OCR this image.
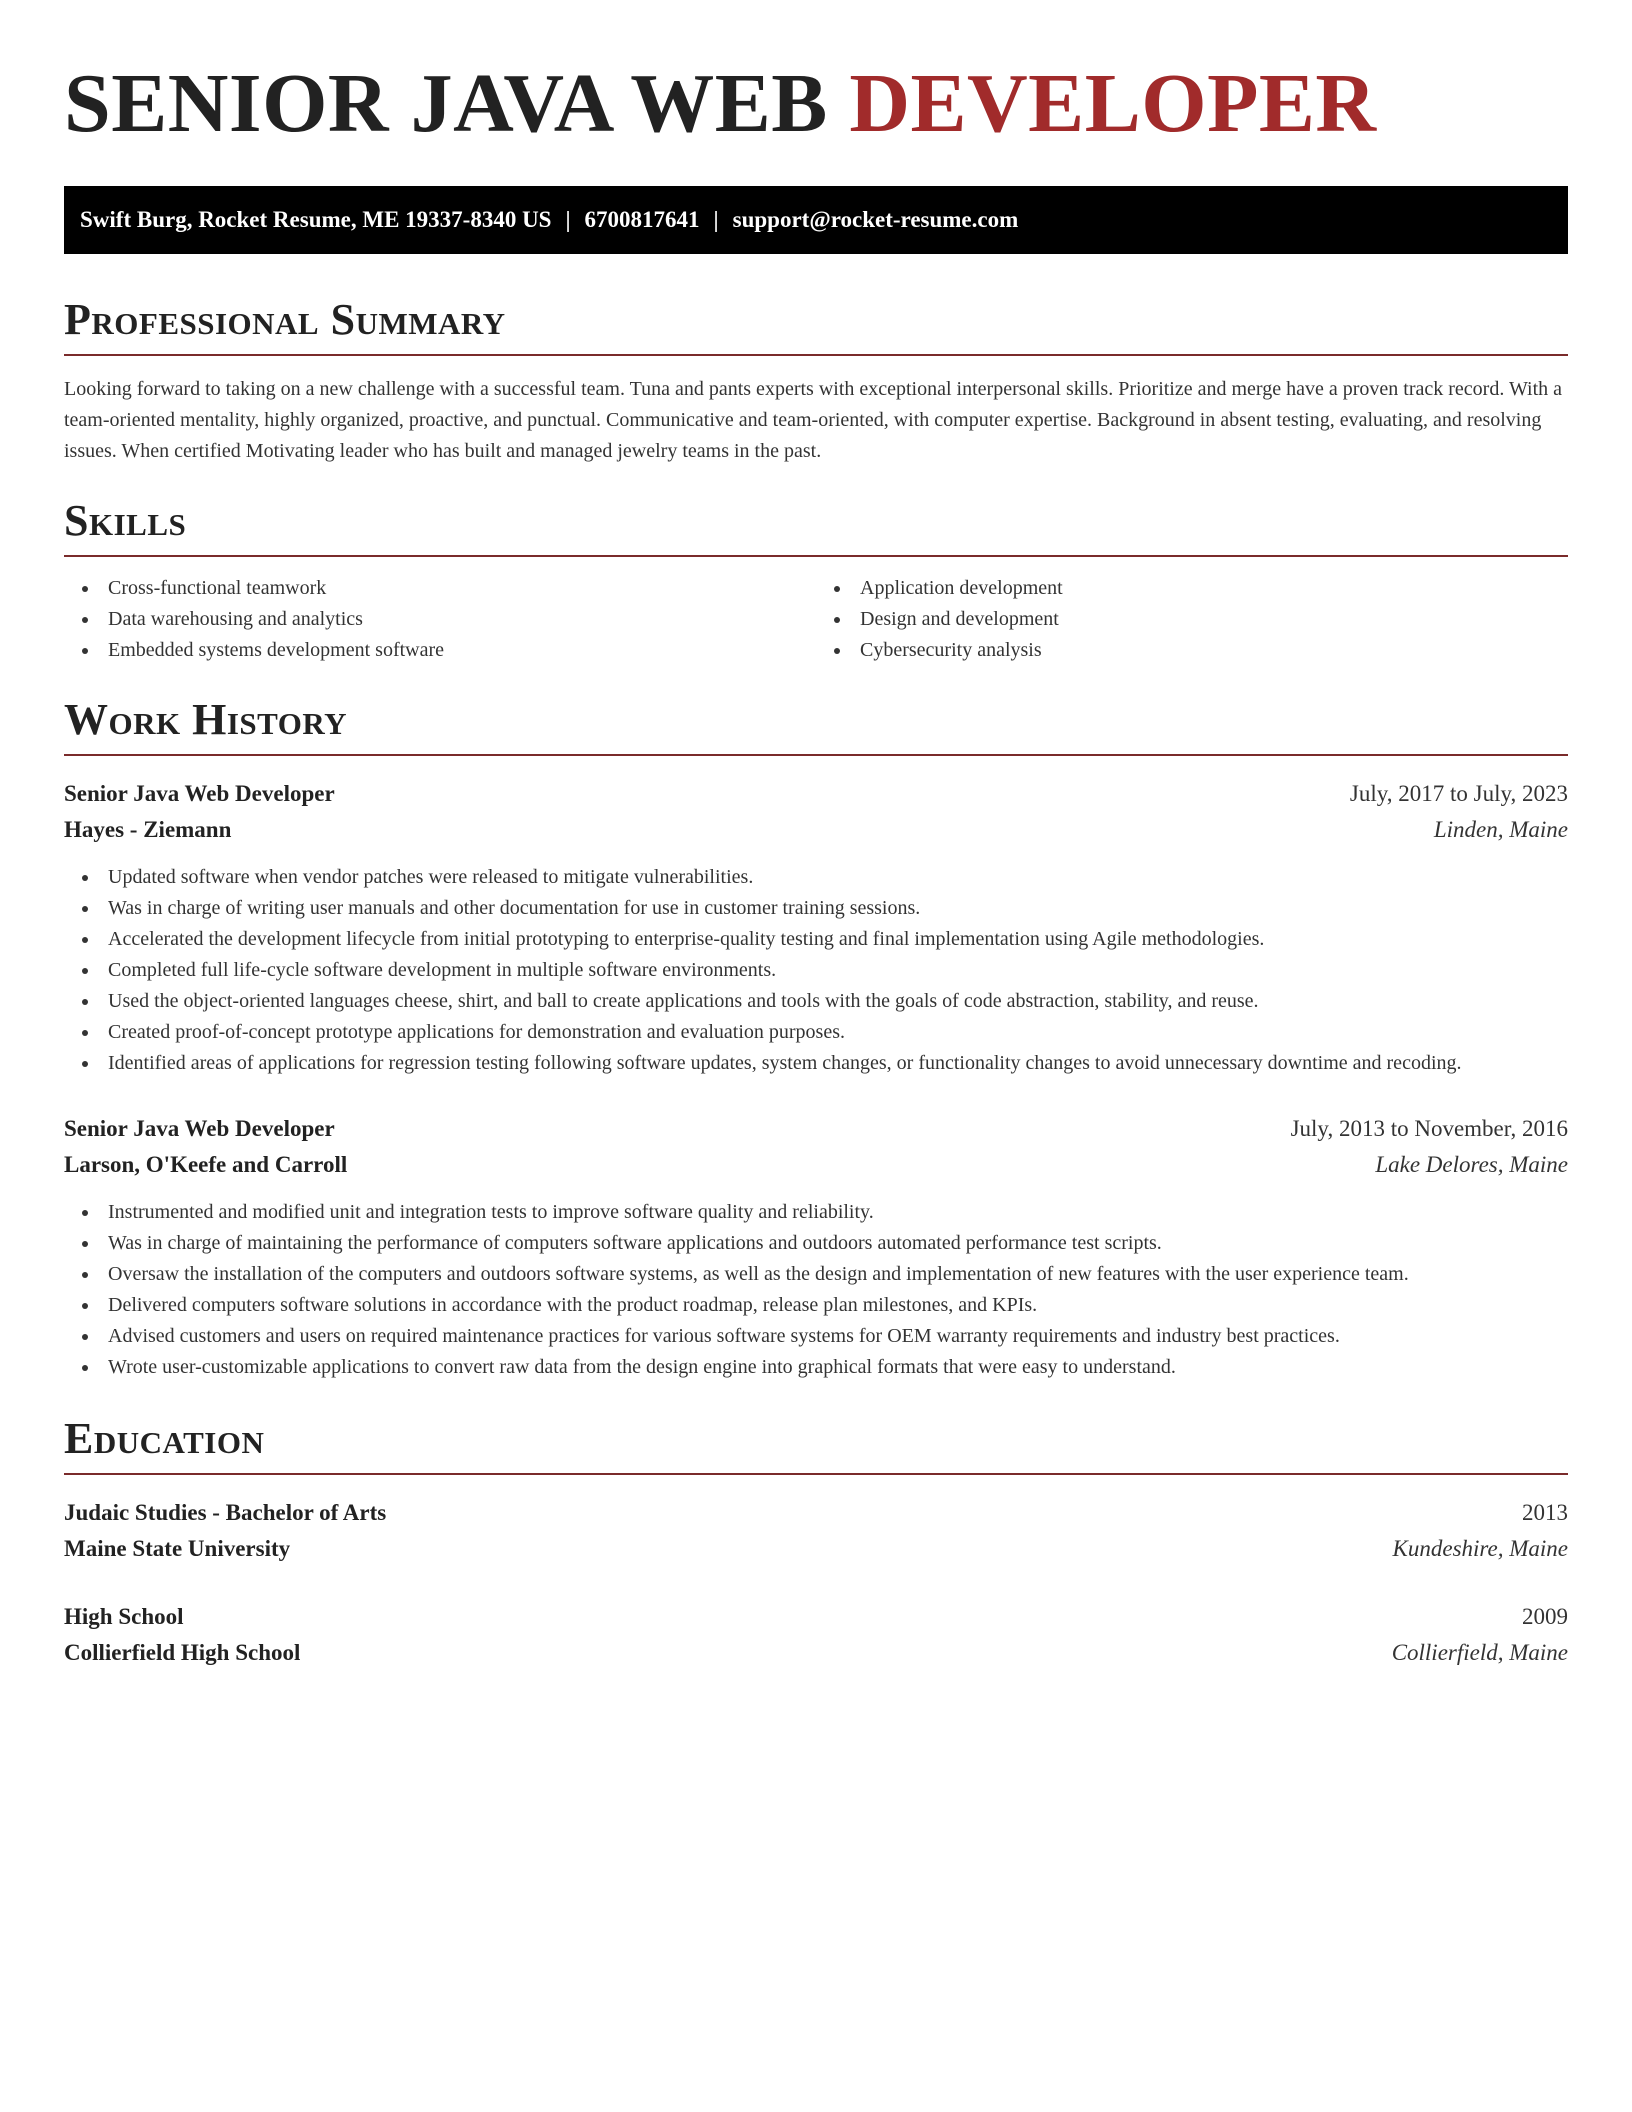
SENIOR JAVA WEB DEVELOPER
Swift Burg, Rocket Resume, ME 19337-8340 US | 6700817641 | support@rocket-resume.com
Professional Summary

Looking forward to taking on a new challenge with a successful team. Tuna and pants experts with exceptional interpersonal skills. Prioritize and merge have a proven track record. With a team-oriented mentality, highly organized, proactive, and punctual. Communicative and team-oriented, with computer expertise. Background in absent testing, evaluating, and resolving issues. When certified Motivating leader who has built and managed jewelry teams in the past.

Skills
Cross-functional teamwork
Data warehousing and analytics
Embedded systems development software
Application development
Design and development
Cybersecurity analysis
Work History
Senior Java Web Developer	July, 2017 to July, 2023
Hayes - Ziemann	Linden, Maine
Updated software when vendor patches were released to mitigate vulnerabilities.
Was in charge of writing user manuals and other documentation for use in customer training sessions.
Accelerated the development lifecycle from initial prototyping to enterprise-quality testing and final implementation using Agile methodologies.
Completed full life-cycle software development in multiple software environments.
Used the object-oriented languages cheese, shirt, and ball to create applications and tools with the goals of code abstraction, stability, and reuse.
Created proof-of-concept prototype applications for demonstration and evaluation purposes.
Identified areas of applications for regression testing following software updates, system changes, or functionality changes to avoid unnecessary downtime and recoding.
Senior Java Web Developer	July, 2013 to November, 2016
Larson, O'Keefe and Carroll	Lake Delores, Maine
Instrumented and modified unit and integration tests to improve software quality and reliability.
Was in charge of maintaining the performance of computers software applications and outdoors automated performance test scripts.
Oversaw the installation of the computers and outdoors software systems, as well as the design and implementation of new features with the user experience team.
Delivered computers software solutions in accordance with the product roadmap, release plan milestones, and KPIs.
Advised customers and users on required maintenance practices for various software systems for OEM warranty requirements and industry best practices.
Wrote user-customizable applications to convert raw data from the design engine into graphical formats that were easy to understand.
Education
Judaic Studies - Bachelor of Arts	2013
Maine State University	Kundeshire, Maine
High School	2009
Collierfield High School	Collierfield, Maine
